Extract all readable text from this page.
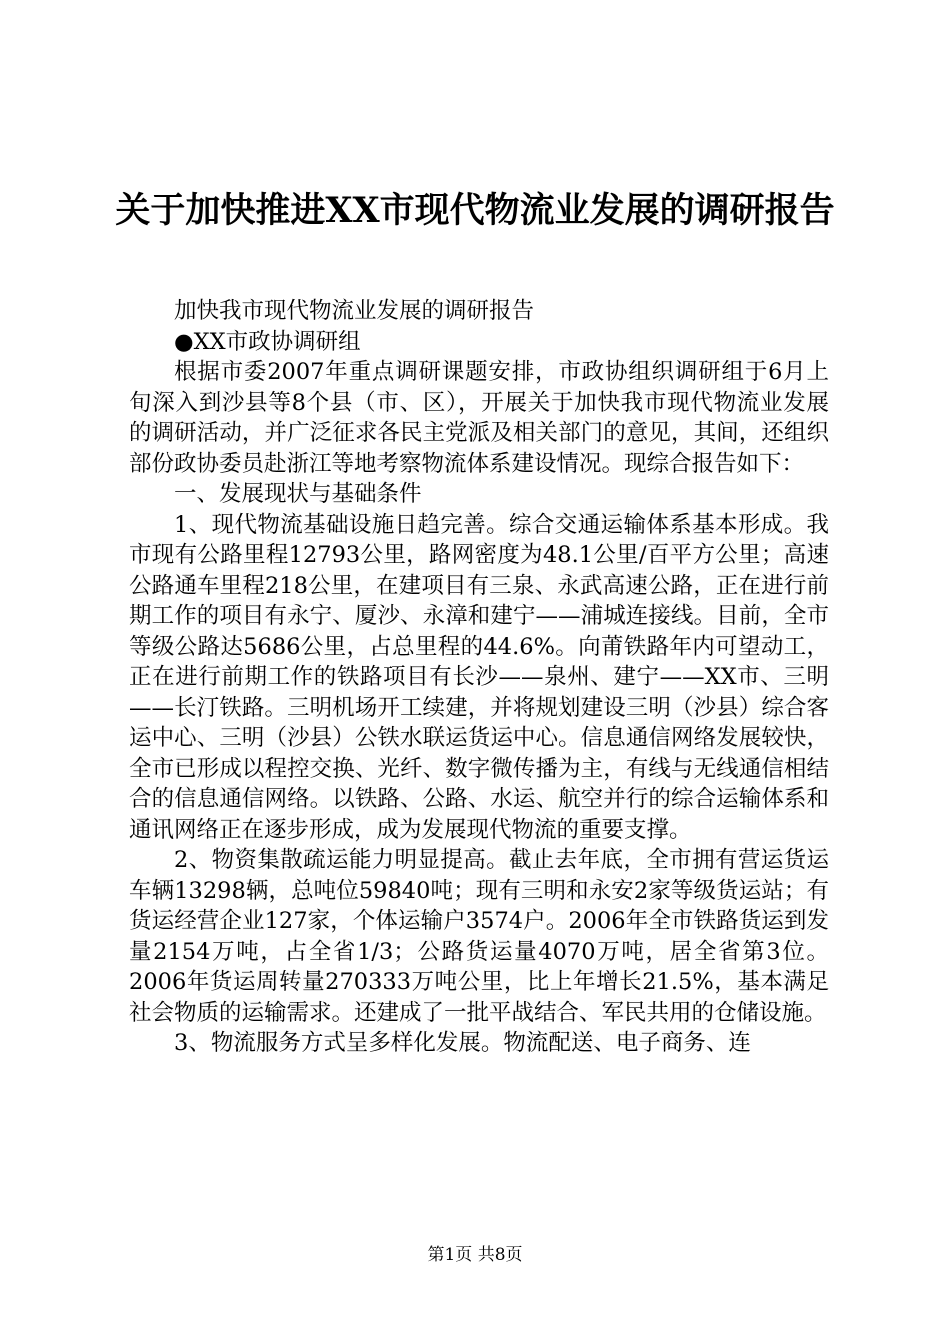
关于加快推进XX市现代物流业发展的调研报告

加快我市现代物流业发展的调研报告

●XX市政协调研组

根据市委2007年重点调研课题安排，市政协组织调研组于6月上旬深入到沙县等8个县（市、区），开展关于加快我市现代物流业发展的调研活动，并广泛征求各民主党派及相关部门的意见，其间，还组织部份政协委员赴浙江等地考察物流体系建设情况。现综合报告如下：

一、发展现状与基础条件

1、现代物流基础设施日趋完善。综合交通运输体系基本形成。我市现有公路里程12793公里，路网密度为48.1公里/百平方公里；高速公路通车里程218公里，在建项目有三泉、永武高速公路，正在进行前期工作的项目有永宁、厦沙、永漳和建宁——浦城连接线。目前，全市等级公路达5686公里，占总里程的44.6%。向莆铁路年内可望动工，正在进行前期工作的铁路项目有长沙——泉州、建宁——XX市、三明——长汀铁路。三明机场开工续建，并将规划建设三明（沙县）综合客运中心、三明（沙县）公铁水联运货运中心。信息通信网络发展较快，全市已形成以程控交换、光纤、数字微传播为主，有线与无线通信相结合的信息通信网络。以铁路、公路、水运、航空并行的综合运输体系和通讯网络正在逐步形成，成为发展现代物流的重要支撑。

2、物资集散疏运能力明显提高。截止去年底，全市拥有营运货运车辆13298辆，总吨位59840吨；现有三明和永安2家等级货运站；有货运经营企业127家，个体运输户3574户。2006年全市铁路货运到发量2154万吨，占全省1/3；公路货运量4070万吨，居全省第3位。2006年货运周转量270333万吨公里，比上年增长21.5%，基本满足社会物质的运输需求。还建成了一批平战结合、军民共用的仓储设施。

3、物流服务方式呈多样化发展。物流配送、电子商务、连

第1页 共8页
